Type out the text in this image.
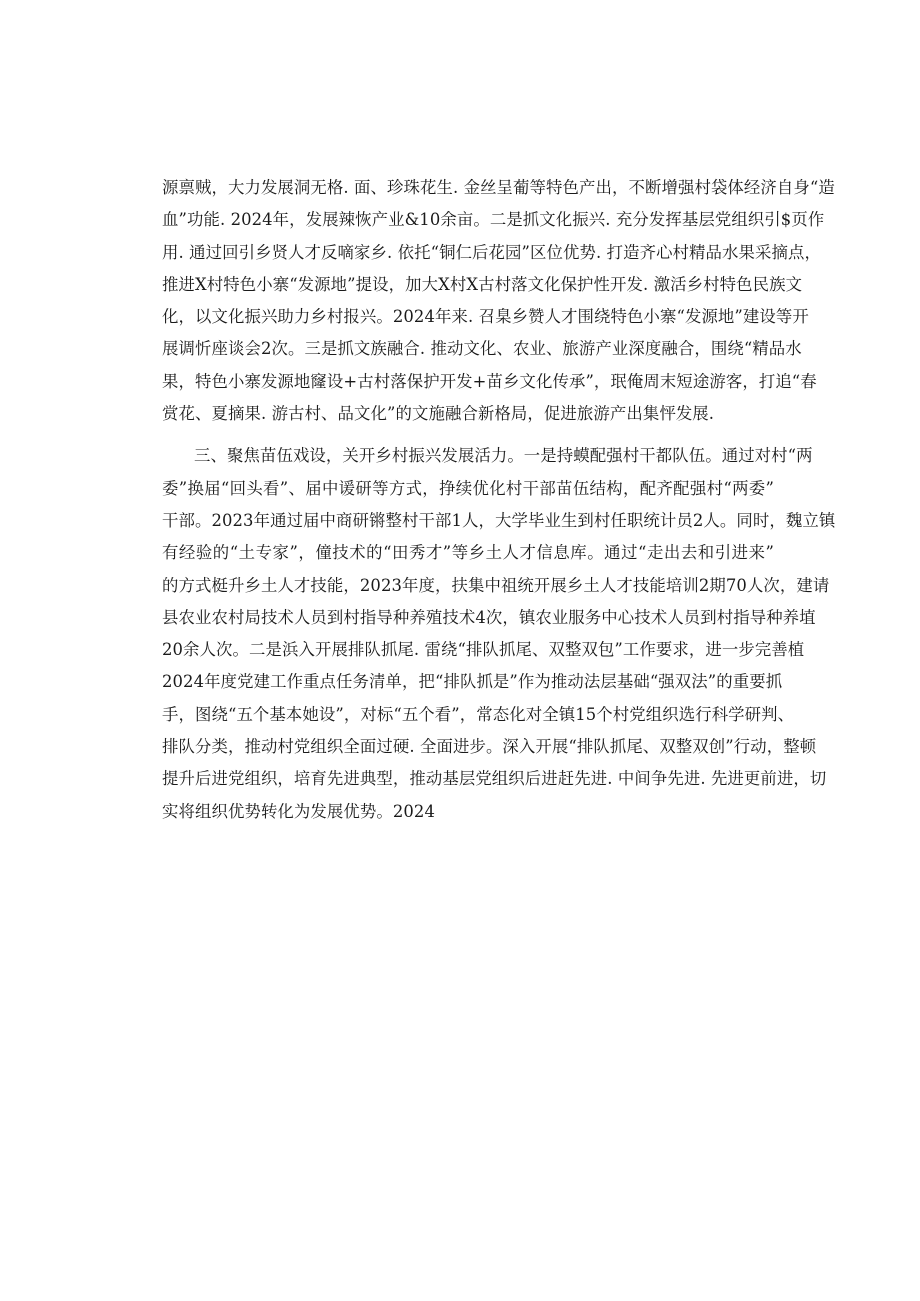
源禀贼，大力发展洞无格. 面、珍珠花生. 金丝呈葡等特色产出，不断增强村袋体经济自身“造
血”功能. 2024年，发展辣恢产业&10余亩。二是抓文化振兴. 充分发挥基层党组织引$页作
用. 通过回引乡贤人才反嘀家乡. 依托“铜仁后花园”区位优势. 打造齐心村精品水果采摘点，
推进X村特色小寨“发源地”提设，加大X村X古村落文化保护性开发. 激活乡村特色民族文
化，以文化振兴助力乡村报兴。2024年来. 召臬乡赞人才围绕特色小寨“发源地”建设等开
展调忻座谈会2次。三是抓文族融合. 推动文化、农业、旅游产业深度融合，围绕“精品水
果，特色小寨发源地窿设+古村落保护开发+苗乡文化传承”，珉俺周末短途游客，打追“春
赏花、夏摘果. 游古村、品文化”的文施融合新格局，促进旅游产出集怦发展.
三、聚焦苗伍戏设，关开乡村振兴发展活力。一是持蟆配强村干都队伍。通过对村“两
委”换届“回头看”、届中谖研等方式，挣续优化村干部苗伍结构，配齐配强村“两委”
干部。2023年通过届中商研锵整村干部1人，大学毕业生到村任职统计员2人。同时，魏立镇
有经验的“土专家”，僮技术的“田秀才”等乡土人才信息库。通过“走出去和引进来”
的方式梃升乡土人才技能，2023年度，扶集中祖统开展乡土人才技能培训2期70人次，建请
县农业农村局技术人员到村指导种养殖技术4次，镇农业服务中心技术人员到村指导种养埴
20余人次。二是浜入开展排队抓尾. 雷绕“排队抓尾、双整双包”工作要求，进一步完善植
2024年度党建工作重点任务清单，把“排队抓是”作为推动法层基础“强双法”的重要抓
手，图绕“五个基本她设”，对标“五个看”，常态化对全镇15个村党组织选行科学研判、
排队分类，推动村党组织全面过硬. 全面进步。深入开展“排队抓尾、双整双创”行动，整顿
提升后进党组织，培育先进典型，推动基层党组织后进赶先进. 中间争先进. 先进更前进，切
实将组织优势转化为发展优势。2024
